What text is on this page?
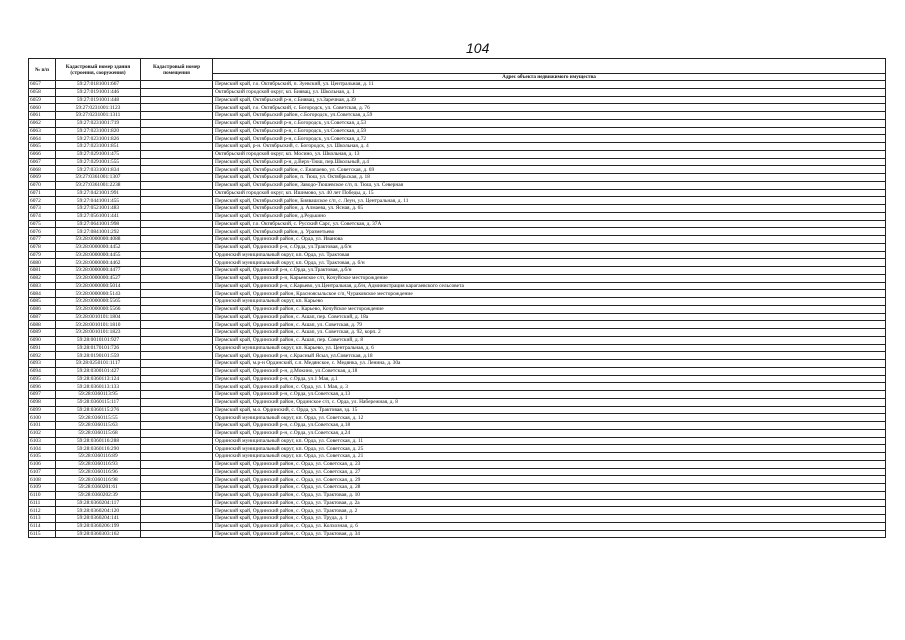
104
№ п/п	Кадастровый номер здания (строения, сооружения)	Кадастровый номер помещения	
			Адрес объекта недвижимого имущества
6057	59:27:0181001:667		Пермский край, г.о. Октябрьский, п. Зуевский, ул. Центральная, д. 11
6058	59:27:0191001:446		Октябрьский городской округ, кп. Биявац, ул. Школьная, д. 1
6059	59:27:0191001:448		Пермский край, Октябрьский р-н, с.Биявац, ул.Заречная, д.39
6060	59:27:0231001:1123		Пермский край, г.о. Октябрьский, с. Богородск, ул. Советская, д. 76
6061	59:27:0231001:1311		Пермский край, Октябрьский район, с.Богородск, ул.Советская, д.59
6062	59:27:0231001:719		Пермский край, Октябрьский р-н, с.Богородск, ул.Советская, д.53
6063	59:27:0231001:820		Пермский край, Октябрьский р-н, с.Богородск, ул.Советская, д.59
6064	59:27:0231001:826		Пермский край, Октябрьский р-н, с.Богородск, ул.Советская, д.72
6065	59:27:0231001:851		Пермский край, р-н. Октябрьский, с. Богородск, ул. Школьная, д. 4
6066	59:27:0291001:475		Октябрьский городской округ, кп. Мосино, ул. Школьная, д. 13
6067	59:27:0291001:555		Пермский край, Октябрьский р-н, д.Верх-Тюш, пер.Школьный, д.4
6068	59:27:0331001:834		Пермский край, Октябрьский район, с. Енапаево, ул. Советская, д. 69
6069	59:27:0361001:1307		Пермский край, Октябрьский район, п. Тюш, ул. Октябрьская, д. 18
6070	59:27:0361001:2238		Пермский край, Октябрьский район, Заводо-Тюшевское с/п, п. Тюш, ул. Северная
6071	59:27:0421001:991		Октябрьский городской округ, кп. Ишимово, ул. 40 лет Победы, д. 15
6072	59:27:0441001:455		Пермский край, Октябрьский район, Биявашское с/п, с. Леун, ул. Центральная, д. 11
6073	59:27:0521001:483		Пермский край, Октябрьский район, д. Алмаева, ул. Ясная, д. 65
6074	59:27:0561001:441		Пермский край, Октябрьский район, д.Редькино
6075	59:27:0641001:998		Пермский край, г.о. Октябрьский, с. Русский Сарс, ул. Советская, д. 37А
6076	59:27:0841001:292		Пермский край, Октябрьский район, д. Уразметьево
6077	59:28:0000000:4088		Пермский край, Ординский район, с. Орда, ул. Иванова
6078	59:28:0000000:4452		Пермский край, Ординский р-н, с.Орда, ул.Трактовая, д.б/н
6079	59:28:0000000:4455		Ординский муниципальный округ, кп. Орда, ул. Трактовая
6080	59:28:0000000:4462		Ординский муниципальный округ, кп. Орда, ул. Трактовая, д. б/н
6081	59:28:0000000:4477		Пермский край, Ординский р-н, с.Орда, ул.Трактовая, д.б/н
6082	59:28:0000000:4527		Пермский край, Ординский р-н, Карьевское с/п, Кочуйское месторождение
6083	59:28:0000000:5014		Пермский край, Ординский р-н, с.Карьево, ул.Центральная, д.б/н, Администрация карагаевского сельсовета
6084	59:28:0000000:5143		Пермский край, Ординский район, Красноясыльское с/п, Чураковское месторождение
6085	59:28:0000000:5565		Ординский муниципальный округ, кп. Карьево
6086	59:28:0000000:5566		Пермский край, Ординский район, с. Карьево, Кочуйское месторождение
6087	59:28:0010101:1804		Пермский край, Ординский район, с. Ашап, пер. Советский, д. 18а
6088	59:28:0010101:1810		Пермский край, Ординский район, с. Ашап, ул. Советская, д. 79
6089	59:28:0010101:1823		Пермский край, Ординский район, с. Ашап, ул. Советская, д. 92, корп. 2
6090	59:28:0010101:927		Пермский край, Ординский район, с. Ашап, пер. Советский, д. 8
6091	59:28:0170101:726		Ординский муниципальный округ, кп. Карьево, ул. Центральная, д. 6
6092	59:28:0190101:559		Пермский край, Ординский р-н, с.Красный Ясыл, ул.Советская, д.18
6093	59:28:0250101:1117		Пермский край, м.р-н Ординский, с.п. Медянское, с. Медянка, ул. Ленина, д. 30а
6094	59:28:0300101:427		Пермский край, Ординский р-н, д.Мокино, ул.Советская, д.18
6095	59:28:0360113:124		Пермский край, Ординский р-н, с.Орда, ул.1 Мая, д.1
6096	59:28:0360113:133		Пермский край, Ординский район, с. Орда, ул. 1 Мая, д. 3
6097	59:28:0360113:95		Пермский край, Ординский р-н, с.Орда, ул.Советская, д.13
6098	59:28:0360115:117		Пермский край, Ординский район, Ординское с/п, с. Орда, ул. Набережная, д. 8
6099	59:28:0360115:276		Пермский край, м.о. Ординский, с. Орда, ул. Трактовая, зд. 15
6100	59:28:0360115:55		Ординский муниципальный округ, кп. Орда, ул. Советская, д. 12
6101	59:28:0360115:63		Пермский край, Ординский р-н, с.Орда, ул.Советская, д.18
6102	59:28:0360115:68		Пермский край, Ординский р-н, с.Орда, ул.Советская, д.24
6103	59:28:0360116:288		Ординский муниципальный округ, кп. Орда, ул. Советская, д. 11
6104	59:28:0360116:290		Ординский муниципальный округ, кп. Орда, ул. Советская, д. 25
6105	59:28:0360116:89		Ординский муниципальный округ, кп. Орда, ул. Советская, д. 21
6106	59:28:0360116:93		Пермский край, Ординский район, с. Орда, ул. Советская, д. 23
6107	59:28:0360116:96		Пермский край, Ординский район, с. Орда, ул. Советская, д. 27
6108	59:28:0360116:98		Пермский край, Ординский район, с. Орда, ул. Советская, д. 29
6109	59:28:0360201:61		Пермский край, Ординский район, с. Орда, ул. Советская, д. 28
6110	59:28:0360202:39		Пермский край, Ординский район, с. Орда, ул. Трактовая, д. 10
6111	59:28:0360204:117		Пермский край, Ординский район, с. Орда, ул. Трактовая, д. 2а
6112	59:28:0360204:120		Пермский край, Ординский район, с. Орда, ул. Трактовая, д. 2
6113	59:28:0360204:141		Пермский край, Ординский район, с. Орда, ул. Труда, д. 1
6114	59:28:0360206:199		Пермский край, Ординский район, с. Орда, ул. Колхозная, д. 6
6115	59:28:0360303:162		Пермский край, Ординский район, с. Орда, ул. Трактовая, д. 34
